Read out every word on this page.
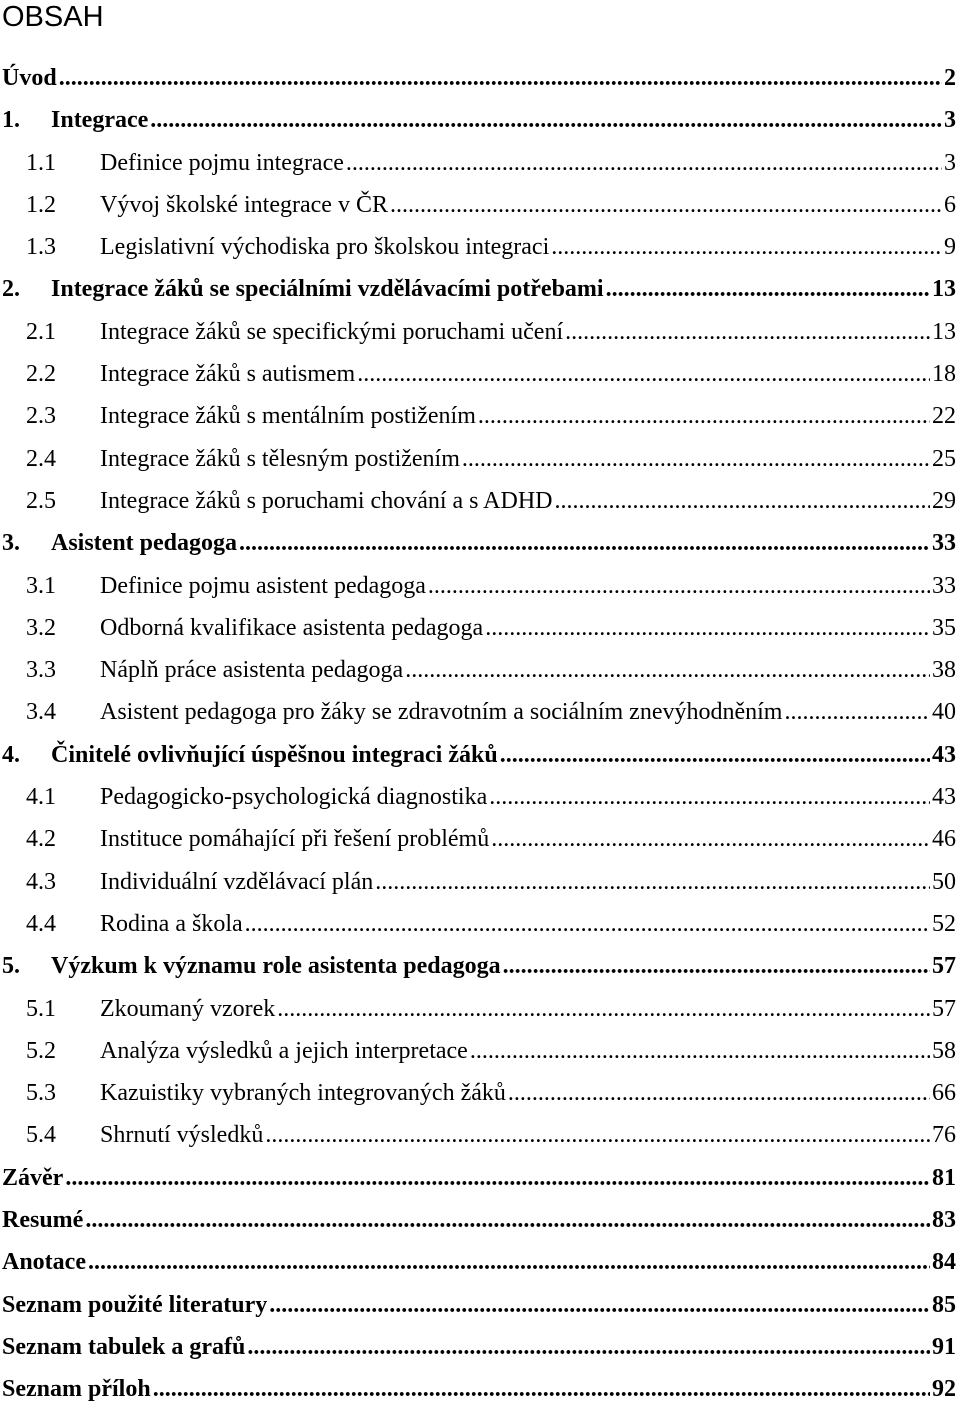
OBSAH
Úvod . . .	2
1.	Integrace . . .	3
1.1	Definice pojmu integrace . . .	3
1.2	Vývoj školské integrace v ČR . . .	6
1.3	Legislativní východiska pro školskou integraci . . .	9
2.	Integrace žáků se speciálními vzdělávacími potřebami . . .	13
2.1	Integrace žáků se specifickými poruchami učení . . .	13
2.2	Integrace žáků s autismem . . .	18
2.3	Integrace žáků s mentálním postižením . . .	22
2.4	Integrace žáků s tělesným postižením . . .	25
2.5	Integrace žáků s poruchami chování a s ADHD . . .	29
3.	Asistent pedagoga . . .	33
3.1	Definice pojmu asistent pedagoga . . .	33
3.2	Odborná kvalifikace asistenta pedagoga . . .	35
3.3	Náplň práce asistenta pedagoga . . .	38
3.4	Asistent pedagoga pro žáky se zdravotním a sociálním znevýhodněním . . .	40
4.	Činitelé ovlivňující úspěšnou integraci žáků . . .	43
4.1	Pedagogicko-psychologická diagnostika . . .	43
4.2	Instituce pomáhající při řešení problémů . . .	46
4.3	Individuální vzdělávací plán . . .	50
4.4	Rodina a škola . . .	52
5.	Výzkum k významu role asistenta pedagoga . . .	57
5.1	Zkoumaný vzorek . . .	57
5.2	Analýza výsledků a jejich interpretace . . .	58
5.3	Kazuistiky vybraných integrovaných žáků . . .	66
5.4	Shrnutí výsledků . . .	76
Závěr . . .	81
Resumé . . .	83
Anotace . . .	84
Seznam použité literatury . . .	85
Seznam tabulek a grafů . . .	91
Seznam příloh . . .	92
